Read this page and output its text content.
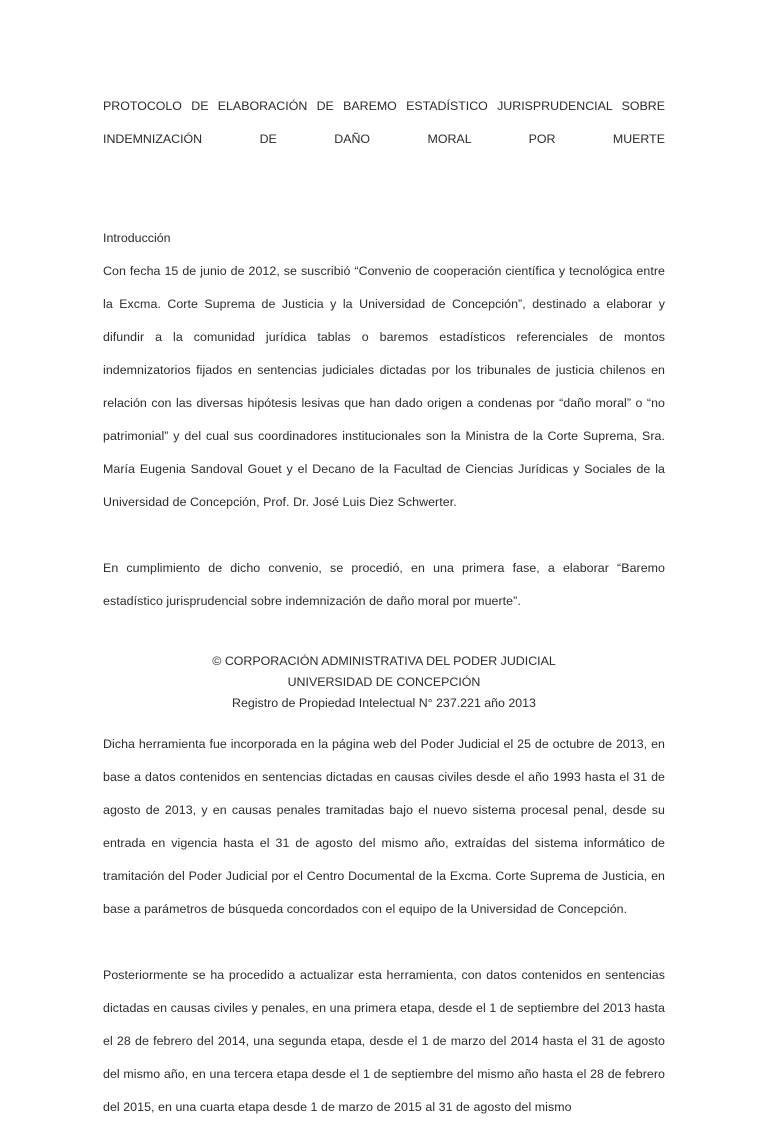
PROTOCOLO DE ELABORACIÓN DE BAREMO ESTADÍSTICO JURISPRUDENCIAL SOBRE INDEMNIZACIÓN DE DAÑO MORAL POR MUERTE

Introducción

Con fecha 15 de junio de 2012, se suscribió “Convenio de cooperación científica y tecnológica entre la Excma. Corte Suprema de Justicia y la Universidad de Concepción”, destinado a elaborar y difundir a la comunidad jurídica tablas o baremos estadísticos referenciales de montos indemnizatorios fijados en sentencias judiciales dictadas por los tribunales de justicia chilenos en relación con las diversas hipótesis lesivas que han dado origen a condenas por “daño moral” o “no patrimonial” y del cual sus coordinadores institucionales son la Ministra de la Corte Suprema, Sra. María Eugenia Sandoval Gouet y el Decano de la Facultad de Ciencias Jurídicas y Sociales de la Universidad de Concepción, Prof. Dr. José Luis Diez Schwerter.

En cumplimiento de dicho convenio, se procedió, en una primera fase, a elaborar “Baremo estadístico jurisprudencial sobre indemnización de daño moral por muerte”.

© CORPORACIÓN ADMINISTRATIVA DEL PODER JUDICIAL
UNIVERSIDAD DE CONCEPCIÓN
Registro de Propiedad Intelectual N° 237.221 año 2013

Dicha herramienta fue incorporada en la página web del Poder Judicial el 25 de octubre de 2013, en base a datos contenidos en sentencias dictadas en causas civiles desde el año 1993 hasta el 31 de agosto de 2013, y en causas penales tramitadas bajo el nuevo sistema procesal penal, desde su entrada en vigencia hasta el 31 de agosto del mismo año, extraídas del sistema informático de tramitación del Poder Judicial por el Centro Documental de la Excma. Corte Suprema de Justicia, en base a parámetros de búsqueda concordados con el equipo de la Universidad de Concepción.

Posteriormente se ha procedido a actualizar esta herramienta, con datos contenidos en sentencias dictadas en causas civiles y penales, en una primera etapa, desde el 1 de septiembre del 2013 hasta el 28 de febrero del 2014, una segunda etapa, desde el 1 de marzo del 2014 hasta el 31 de agosto del mismo año, en una tercera etapa desde el 1 de septiembre del mismo año hasta el 28 de febrero del 2015, en una cuarta etapa desde 1 de marzo de 2015 al 31 de agosto del mismo
